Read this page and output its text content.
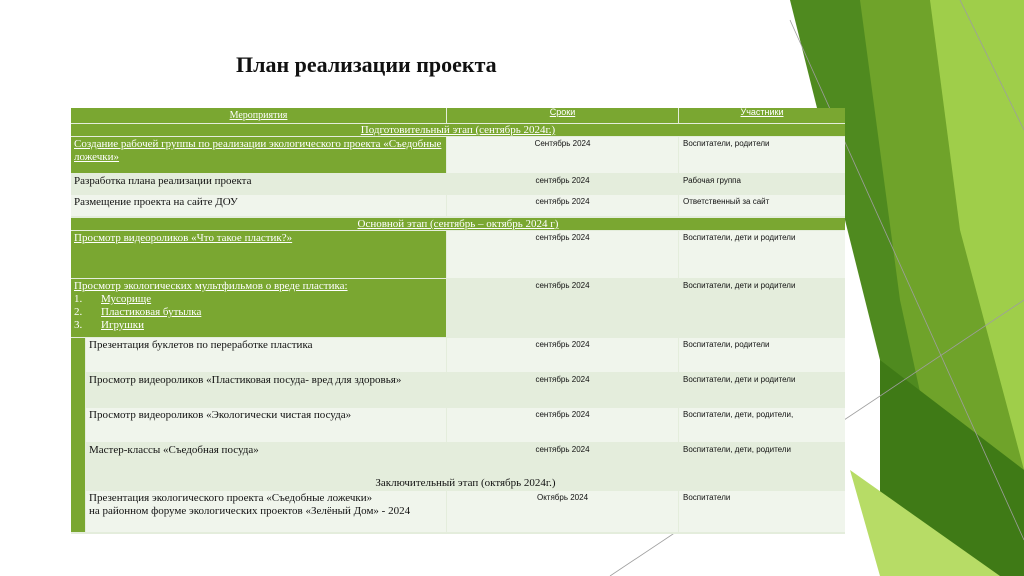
План реализации проекта
Мероприятия	Сроки	Участники
Подготовительный этап (сентябрь 2024г.)
Создание рабочей группы по реализации экологического проекта «Съедобные ложечки»
Сентябрь 2024	Воспитатели, родители
Разработка плана реализации проекта	сентябрь 2024	Рабочая группа
Размещение проекта на сайте ДОУ	сентябрь 2024	Ответственный за сайт
Основной этап (сентябрь – октябрь 2024 г)
Просмотр видеороликов «Что такое пластик?»	сентябрь 2024	Воспитатели, дети и родители
Просмотр экологических мультфильмов о вреде пластика:
1. Мусорище
2. Пластиковая бутылка
3. Игрушки
сентябрь 2024	Воспитатели, дети и родители
Презентация буклетов по переработке пластика	сентябрь 2024	Воспитатели, родители
Просмотр видеороликов «Пластиковая посуда- вред для здоровья»	сентябрь 2024	Воспитатели, дети и родители
Просмотр видеороликов «Экологически чистая посуда»	сентябрь 2024	Воспитатели, дети, родители,
Мастер-классы «Съедобная посуда»	сентябрь 2024	Воспитатели, дети, родители
Заключительный этап (октябрь 2024г.)
Презентация экологического проекта «Съедобные ложечки»
на районном форуме экологических проектов «Зелёный Дом» - 2024
Октябрь 2024	Воспитатели
